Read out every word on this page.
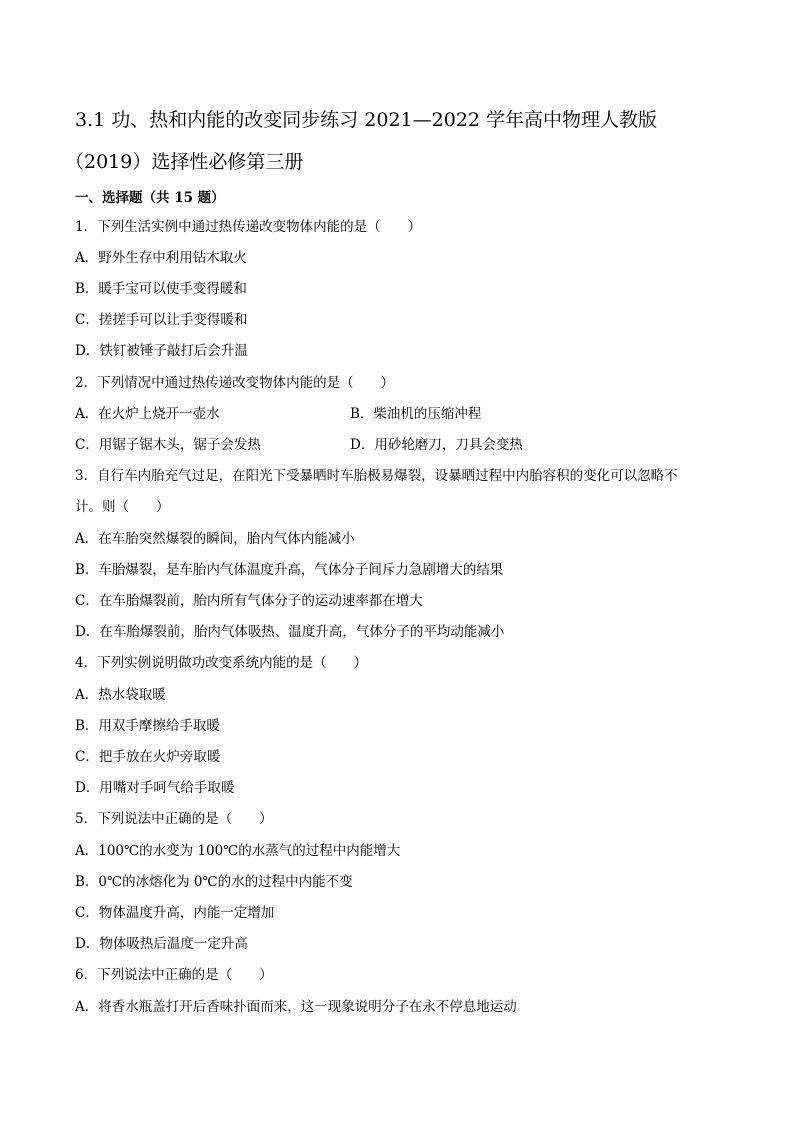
3.1 功、热和内能的改变同步练习 2021—2022 学年高中物理人教版
（2019）选择性必修第三册
一、选择题（共 15 题）
1．下列生活实例中通过热传递改变物体内能的是（　　）
A．野外生存中利用钻木取火
B．暖手宝可以使手变得暖和
C．搓搓手可以让手变得暖和
D．铁钉被锤子敲打后会升温
2．下列情况中通过热传递改变物体内能的是（　　）
A．在火炉上烧开一壶水	B．柴油机的压缩冲程
C．用锯子锯木头，锯子会发热	D．用砂轮磨刀，刀具会变热
3．自行车内胎充气过足，在阳光下受暴晒时车胎极易爆裂，设暴晒过程中内胎容积的变化可以忽略不
计。则（　　）
A．在车胎突然爆裂的瞬间，胎内气体内能减小
B．车胎爆裂，是车胎内气体温度升高，气体分子间斥力急剧增大的结果
C．在车胎爆裂前，胎内所有气体分子的运动速率都在增大
D．在车胎爆裂前，胎内气体吸热、温度升高，气体分子的平均动能减小
4．下列实例说明做功改变系统内能的是（　　）
A．热水袋取暖
B．用双手摩擦给手取暖
C．把手放在火炉旁取暖
D．用嘴对手呵气给手取暖
5．下列说法中正确的是（　　）
A．100℃的水变为 100℃的水蒸气的过程中内能增大
B．0℃的冰熔化为 0℃的水的过程中内能不变
C．物体温度升高，内能一定增加
D．物体吸热后温度一定升高
6．下列说法中正确的是（　　）
A．将香水瓶盖打开后香味扑面而来，这一现象说明分子在永不停息地运动
